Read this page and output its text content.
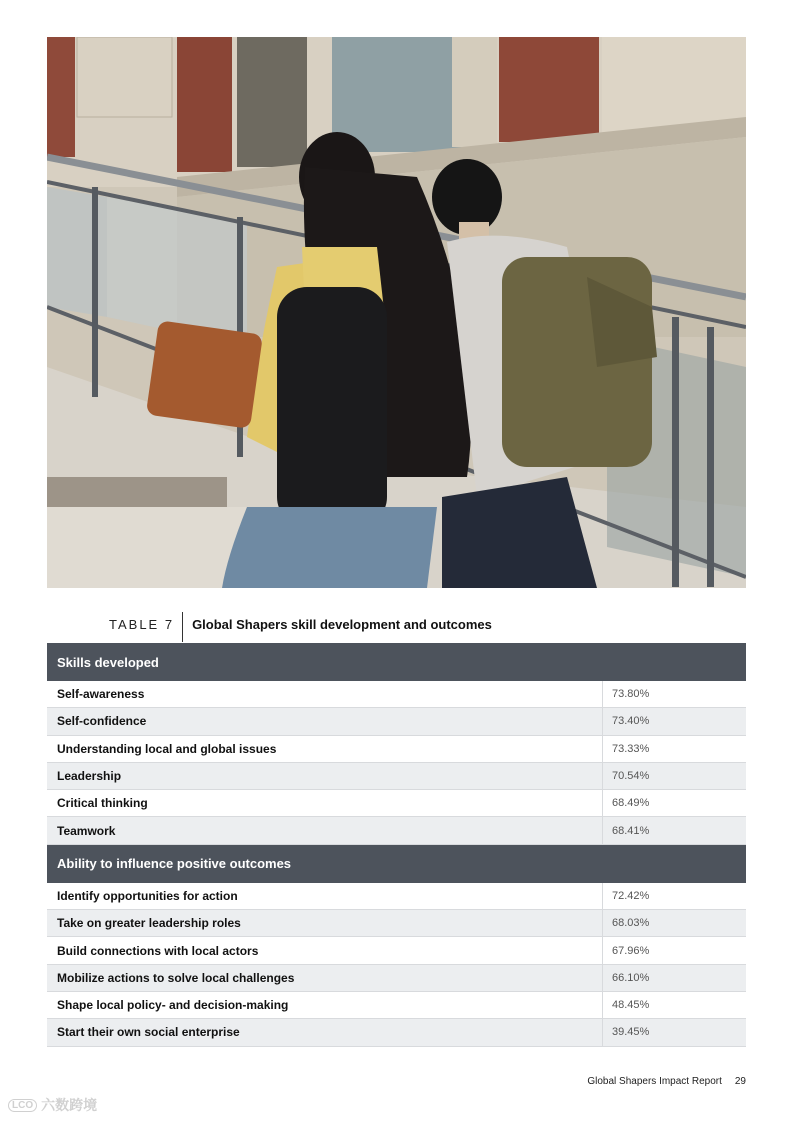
TABLE 7	Global Shapers skill development and outcomes
Skills developed
Self-awareness	73.80%
Self-confidence	73.40%
Understanding local and global issues	73.33%
Leadership	70.54%
Critical thinking	68.49%
Teamwork	68.41%
Ability to influence positive outcomes
Identify opportunities for action	72.42%
Take on greater leadership roles	68.03%
Build connections with local actors	67.96%
Mobilize actions to solve local challenges	66.10%
Shape local policy- and decision-making	48.45%
Start their own social enterprise	39.45%
Global Shapers Impact Report 29
LCO 六数跨境
